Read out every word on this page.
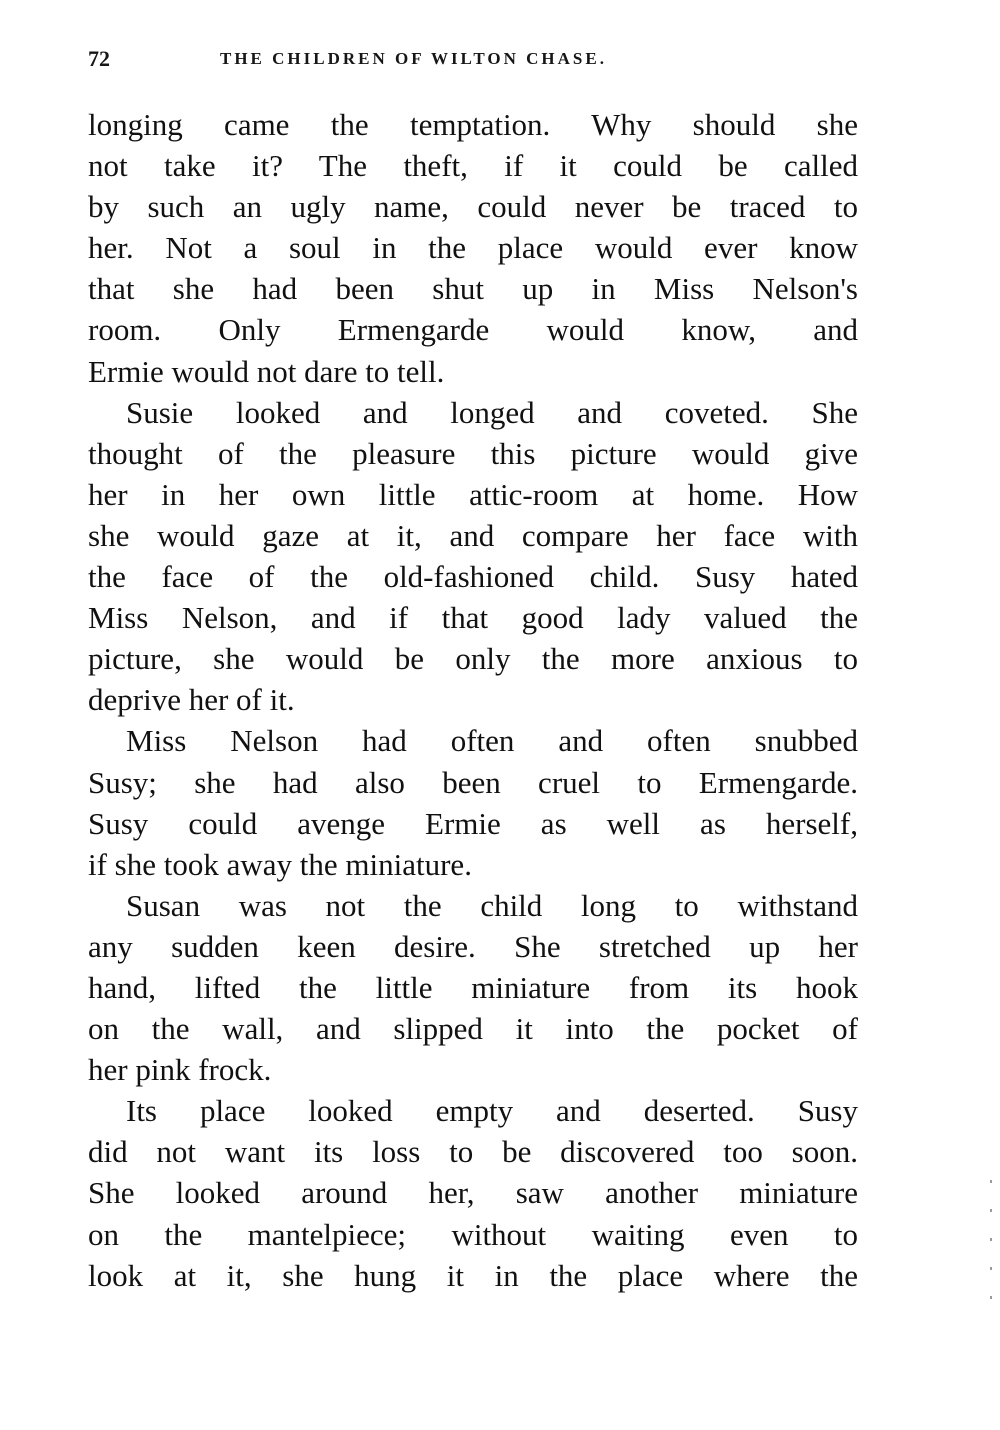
72	THE CHILDREN OF WILTON CHASE.
longing came the temptation. Why should she
not take it? The theft, if it could be called
by such an ugly name, could never be traced to
her. Not a soul in the place would ever know
that she had been shut up in Miss Nelson's
room. Only Ermengarde would know, and
Ermie would not dare to tell.
Susie looked and longed and coveted. She
thought of the pleasure this picture would give
her in her own little attic-room at home. How
she would gaze at it, and compare her face with
the face of the old-fashioned child. Susy hated
Miss Nelson, and if that good lady valued the
picture, she would be only the more anxious to
deprive her of it.
Miss Nelson had often and often snubbed
Susy; she had also been cruel to Ermengarde.
Susy could avenge Ermie as well as herself,
if she took away the miniature.
Susan was not the child long to withstand
any sudden keen desire. She stretched up her
hand, lifted the little miniature from its hook
on the wall, and slipped it into the pocket of
her pink frock.
Its place looked empty and deserted. Susy
did not want its loss to be discovered too soon.
She looked around her, saw another miniature
on the mantelpiece; without waiting even to
look at it, she hung it in the place where the
